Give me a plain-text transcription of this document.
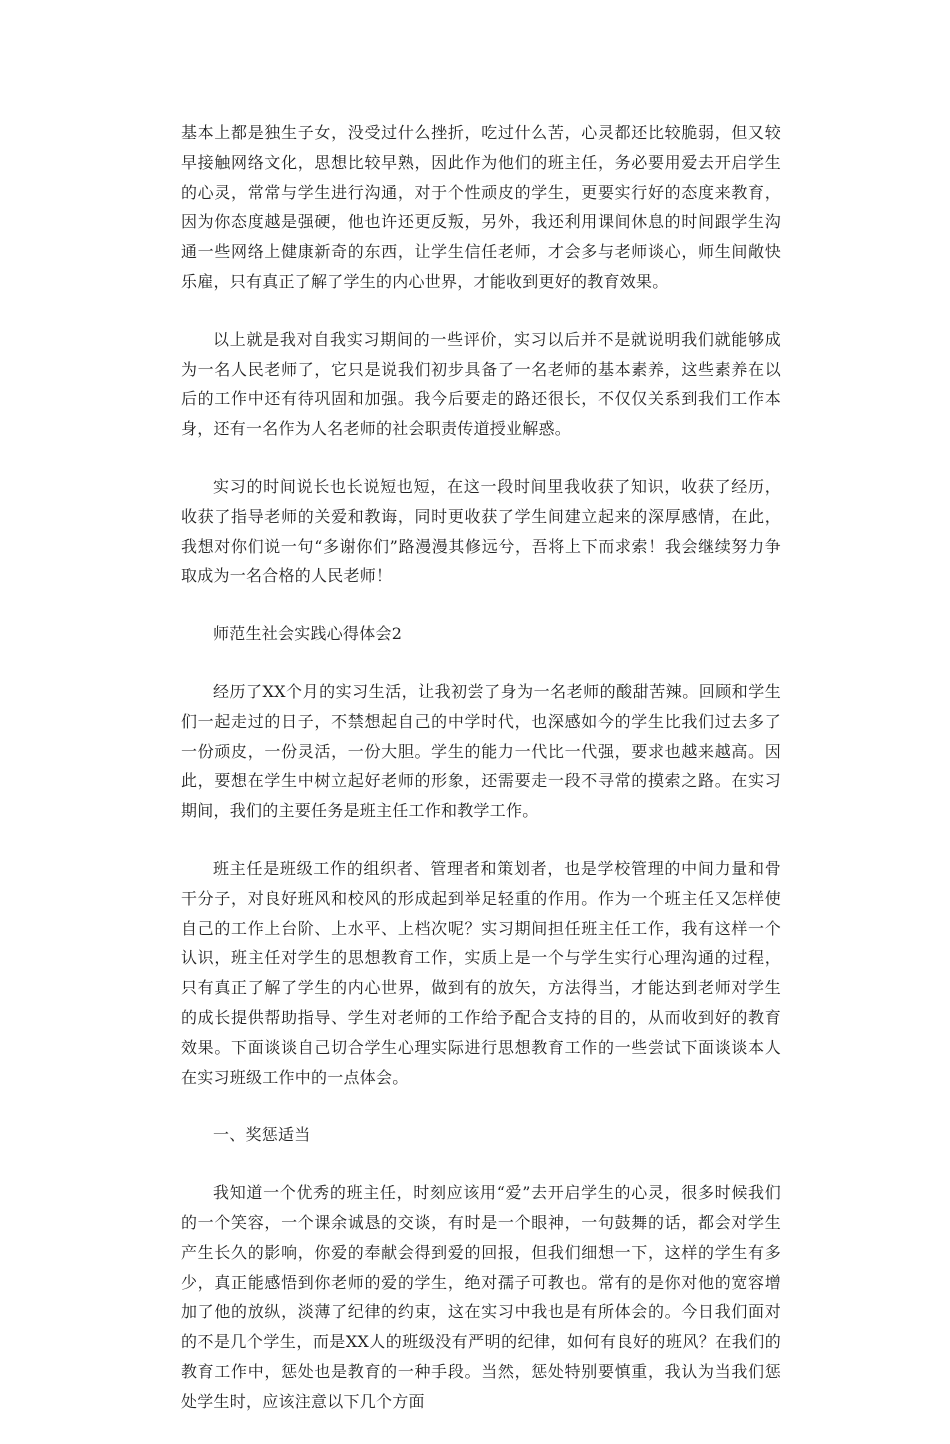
基本上都是独生子女，没受过什么挫折，吃过什么苦，心灵都还比较脆弱，但又较早接触网络文化，思想比较早熟，因此作为他们的班主任，务必要用爱去开启学生的心灵，常常与学生进行沟通，对于个性顽皮的学生，更要实行好的态度来教育，因为你态度越是强硬，他也许还更反叛，另外，我还利用课间休息的时间跟学生沟通一些网络上健康新奇的东西，让学生信任老师，才会多与老师谈心，师生间敞快乐雇，只有真正了解了学生的内心世界，才能收到更好的教育效果。

以上就是我对自我实习期间的一些评价，实习以后并不是就说明我们就能够成为一名人民老师了，它只是说我们初步具备了一名老师的基本素养，这些素养在以后的工作中还有待巩固和加强。我今后要走的路还很长，不仅仅关系到我们工作本身，还有一名作为人名老师的社会职责传道授业解惑。

实习的时间说长也长说短也短，在这一段时间里我收获了知识，收获了经历，收获了指导老师的关爱和教诲，同时更收获了学生间建立起来的深厚感情，在此，我想对你们说一句“多谢你们”路漫漫其修远兮，吾将上下而求索！我会继续努力争取成为一名合格的人民老师！

师范生社会实践心得体会2

经历了XX个月的实习生活，让我初尝了身为一名老师的酸甜苦辣。回顾和学生们一起走过的日子，不禁想起自己的中学时代，也深感如今的学生比我们过去多了一份顽皮，一份灵活，一份大胆。学生的能力一代比一代强，要求也越来越高。因此，要想在学生中树立起好老师的形象，还需要走一段不寻常的摸索之路。在实习期间，我们的主要任务是班主任工作和教学工作。

班主任是班级工作的组织者、管理者和策划者，也是学校管理的中间力量和骨干分子，对良好班风和校风的形成起到举足轻重的作用。作为一个班主任又怎样使自己的工作上台阶、上水平、上档次呢？实习期间担任班主任工作，我有这样一个认识，班主任对学生的思想教育工作，实质上是一个与学生实行心理沟通的过程，只有真正了解了学生的内心世界，做到有的放矢，方法得当，才能达到老师对学生的成长提供帮助指导、学生对老师的工作给予配合支持的目的，从而收到好的教育效果。下面谈谈自己切合学生心理实际进行思想教育工作的一些尝试下面谈谈本人在实习班级工作中的一点体会。

一、奖惩适当

我知道一个优秀的班主任，时刻应该用“爱”去开启学生的心灵，很多时候我们的一个笑容，一个课余诚恳的交谈，有时是一个眼神，一句鼓舞的话，都会对学生产生长久的影响，你爱的奉献会得到爱的回报，但我们细想一下，这样的学生有多少，真正能感悟到你老师的爱的学生，绝对孺子可教也。常有的是你对他的宽容增加了他的放纵，淡薄了纪律的约束，这在实习中我也是有所体会的。今日我们面对的不是几个学生，而是XX人的班级没有严明的纪律，如何有良好的班风？在我们的教育工作中，惩处也是教育的一种手段。当然，惩处特别要慎重，我认为当我们惩处学生时，应该注意以下几个方面
